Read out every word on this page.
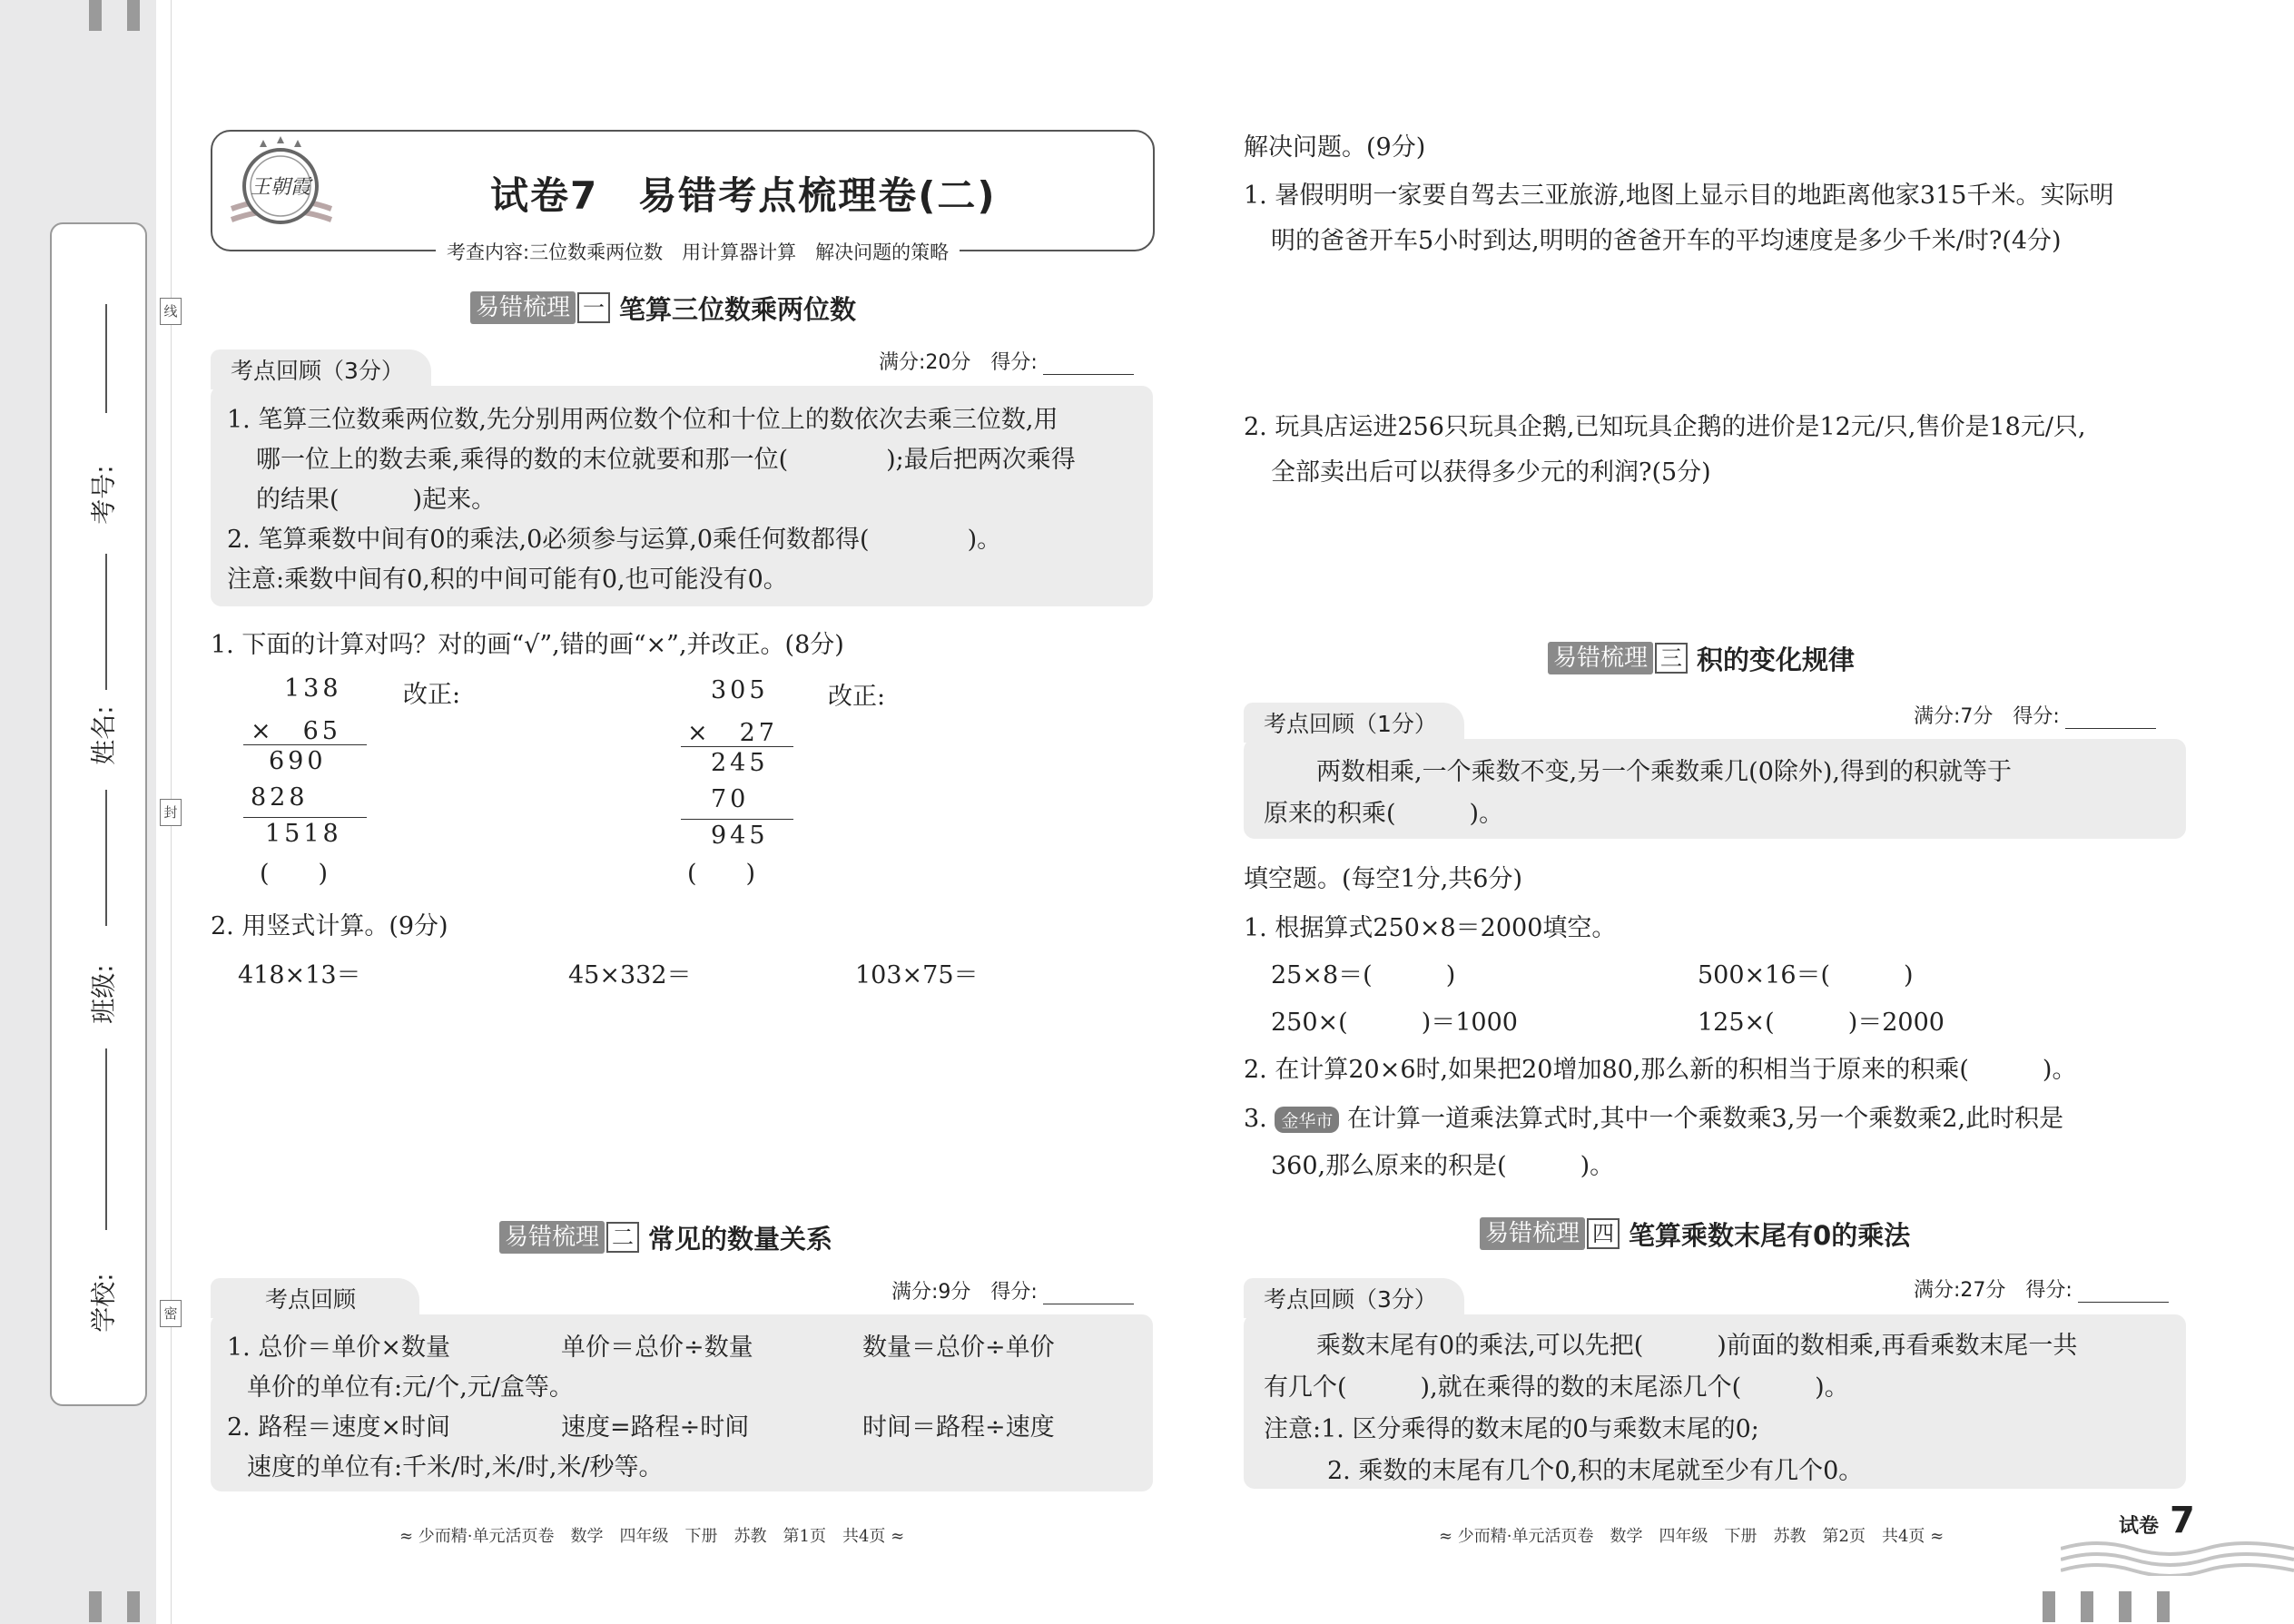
考号:
姓名:
班级:
学校:
线
封
密
王朝霞	试卷7　易错考点梳理卷(二)
考查内容:三位数乘两位数　用计算器计算　解决问题的策略
易错梳理 一 笔算三位数乘两位数
考点回顾（3分）	满分:20分　得分:
1. 笔算三位数乘两位数,先分别用两位数个位和十位上的数依次去乘三位数,用
哪一位上的数去乘,乘得的数的末位就要和那一位(　　　　);最后把两次乘得
的结果(　　　)起来。
2. 笔算乘数中间有0的乘法,0必须参与运算,0乘任何数都得(　　　　)。
注意:乘数中间有0,积的中间可能有0,也可能没有0。
1. 下面的计算对吗？对的画“√”,错的画“×”,并改正。(8分)
138
×　65
690
828
1518
(　　)
改正:	305
×　27
245
70
945
(　　)
改正:
2. 用竖式计算。(9分)
418×13＝	45×332＝	103×75＝
易错梳理 二 常见的数量关系
考点回顾	满分:9分　得分:
1. 总价＝单价×数量	单价＝总价÷数量	数量＝总价÷单价
单价的单位有:元/个,元/盒等。
2. 路程＝速度×时间	速度=路程÷时间	时间＝路程÷速度
速度的单位有:千米/时,米/时,米/秒等。
≈ 少而精·单元活页卷　数学　四年级　下册　苏教　第1页　共4页 ≈
解决问题。(9分)
1. 暑假明明一家要自驾去三亚旅游,地图上显示目的地距离他家315千米。实际明
明的爸爸开车5小时到达,明明的爸爸开车的平均速度是多少千米/时?(4分)
2. 玩具店运进256只玩具企鹅,已知玩具企鹅的进价是12元/只,售价是18元/只,
全部卖出后可以获得多少元的利润?(5分)
易错梳理 三 积的变化规律
考点回顾（1分）	满分:7分　得分:
两数相乘,一个乘数不变,另一个乘数乘几(0除外),得到的积就等于
原来的积乘(　　　)。
填空题。(每空1分,共6分)
1. 根据算式250×8＝2000填空。
25×8＝(　　　)	500×16＝(　　　)
250×(　　　)＝1000	125×(　　　)＝2000
2. 在计算20×6时,如果把20增加80,那么新的积相当于原来的积乘(　　　)。
3. 金华市 在计算一道乘法算式时,其中一个乘数乘3,另一个乘数乘2,此时积是
360,那么原来的积是(　　　)。
易错梳理 四 笔算乘数末尾有0的乘法
考点回顾（3分）	满分:27分　得分:
乘数末尾有0的乘法,可以先把(　　　)前面的数相乘,再看乘数末尾一共
有几个(　　　),就在乘得的数的末尾添几个(　　　)。
注意:1. 区分乘得的数末尾的0与乘数末尾的0;
2. 乘数的末尾有几个0,积的末尾就至少有几个0。
≈ 少而精·单元活页卷　数学　四年级　下册　苏教　第2页　共4页 ≈	试卷 7
